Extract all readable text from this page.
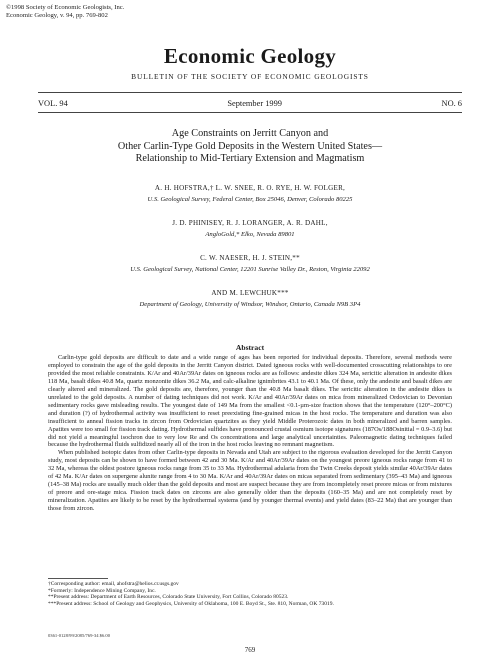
©1998 Society of Economic Geologists, Inc.
Economic Geology, v. 94, pp. 769-802
Economic Geology
BULLETIN OF THE SOCIETY OF ECONOMIC GEOLOGISTS
VOL. 94	September 1999	NO. 6
Age Constraints on Jerritt Canyon and
Other Carlin-Type Gold Deposits in the Western United States—
Relationship to Mid-Tertiary Extension and Magmatism
A. H. HOFSTRA,† L. W. SNEE, R. O. RYE, H. W. FOLGER,
U.S. Geological Survey, Federal Center, Box 25046, Denver, Colorado 80225
J. D. PHINISEY, R. J. LORANGER, A. R. DAHL,
AngloGold,* Elko, Nevada 89801
C. W. NAESER, H. J. STEIN,**
U.S. Geological Survey, National Center, 12201 Sunrise Valley Dr., Reston, Virginia 22092
AND M. LEWCHUK***
Department of Geology, University of Windsor, Windsor, Ontario, Canada N9B 3P4
Abstract

Carlin-type gold deposits are difficult to date and a wide range of ages has been reported for individual deposits. Therefore, several methods were employed to constrain the age of the gold deposits in the Jerritt Canyon district. Dated igneous rocks with well-documented crosscutting relationships to ore provided the most reliable constraints. K/Ar and 40Ar/39Ar dates on igneous rocks are as follows: andesite dikes 324 Ma, sericitic alteration in andesite dikes 118 Ma, basalt dikes 40.8 Ma, quartz monzonite dikes 36.2 Ma, and calc-alkaline ignimbrites 43.1 to 40.1 Ma. Of these, only the andesite and basalt dikes are clearly altered and mineralized. The gold deposits are, therefore, younger than the 40.8 Ma basalt dikes. The sericitic alteration in the andesite dikes is unrelated to the gold deposits. A number of dating techniques did not work. K/Ar and 40Ar/39Ar dates on mica from mineralized Ordovician to Devonian sedimentary rocks gave misleading results. The youngest date of 149 Ma from the smallest <0.1-µm-size fraction shows that the temperature (120°–200°C) and duration (?) of hydrothermal activity was insufficient to reset preexisting fine-grained micas in the host rocks. The temperature and duration was also insufficient to anneal fission tracks in zircon from Ordovician quartzites as they yield Middle Proterozoic dates in both mineralized and barren samples. Apatites were too small for fission track dating. Hydrothermal sulfides have pronounced crustal osmium isotope signatures (187Os/188Osinitial = 0.9–3.6) but did not yield a meaningful isochron due to very low Re and Os concentrations and large analytical uncertainties. Paleomagnetic dating techniques failed because the hydrothermal fluids sulfidized nearly all of the iron in the host rocks leaving no remnant magnetism.

When published isotopic dates from other Carlin-type deposits in Nevada and Utah are subject to the rigorous evaluation developed for the Jerritt Canyon study, most deposits can be shown to have formed between 42 and 30 Ma. K/Ar and 40Ar/39Ar dates on the youngest preore igneous rocks range from 41 to 32 Ma, whereas the oldest postore igneous rocks range from 35 to 33 Ma. Hydrothermal adularia from the Twin Creeks deposit yields similar 40Ar/39Ar dates of 42 Ma. K/Ar dates on supergene alunite range from 4 to 30 Ma. K/Ar and 40Ar/39Ar dates on micas separated from sedimentary (395–43 Ma) and igneous (145–38 Ma) rocks are usually much older than the gold deposits and most are suspect because they are from incompletely reset preore micas or from mixtures of preore and ore-stage mica. Fission track dates on zircons are also generally older than the deposits (160–35 Ma) and are not completely reset by mineralization. Apatites are likely to be reset by the hydrothermal systems (and by younger thermal events) and yield dates (83–22 Ma) that are younger than those from zircon.

†Corresponding author: email, ahofstra@helios.cr.usgs.gov
*Formerly: Independence Mining Company, Inc.
**Present address: Department of Earth Resources, Colorado State University, Fort Collins, Colorado 80523.
***Present address: School of Geology and Geophysics, University of Oklahoma, 100 E. Boyd St., Ste. 810, Norman, OK 73019.
0361-0128/99/2085/769-34 $6.00
769
